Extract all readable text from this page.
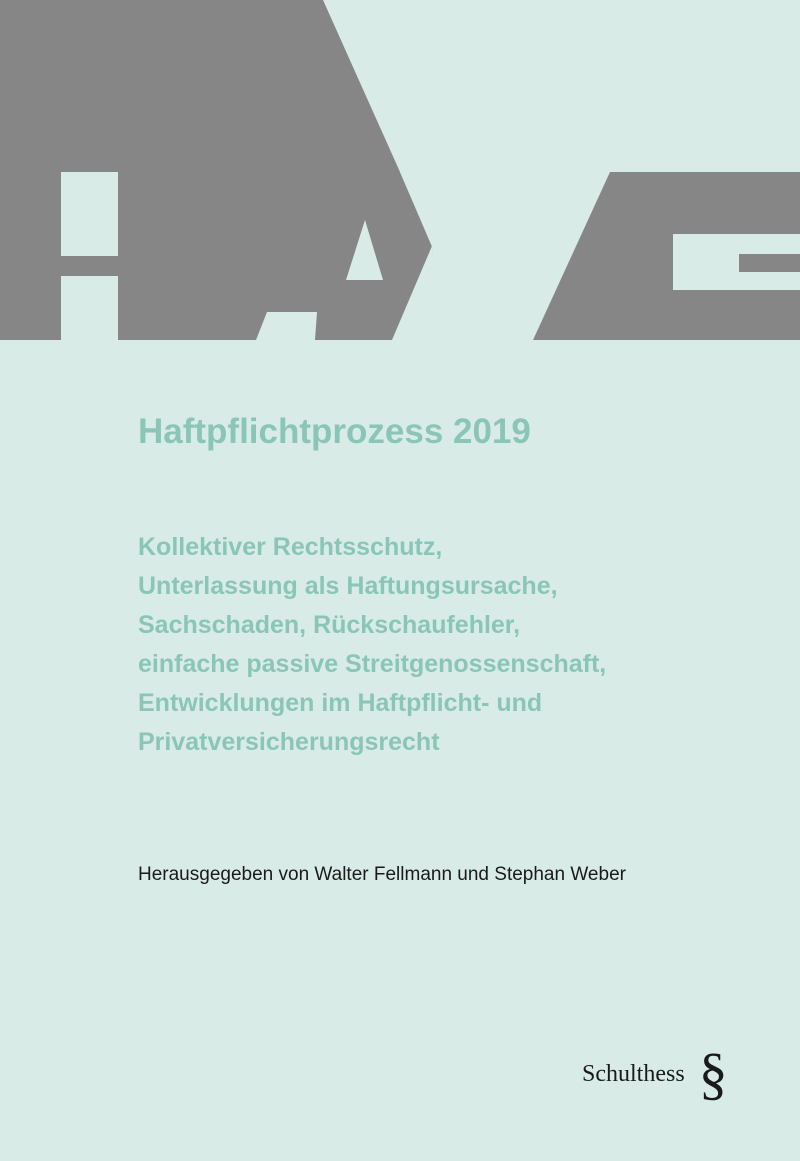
Haftpflichtprozess 2019
Kollektiver Rechtsschutz,
Unterlassung als Haftungsursache,
Sachschaden, Rückschaufehler,
einfache passive Streitgenossenschaft,
Entwicklungen im Haftpflicht- und
Privatversicherungsrecht

Herausgegeben von Walter Fellmann und Stephan Weber

Schulthess §
